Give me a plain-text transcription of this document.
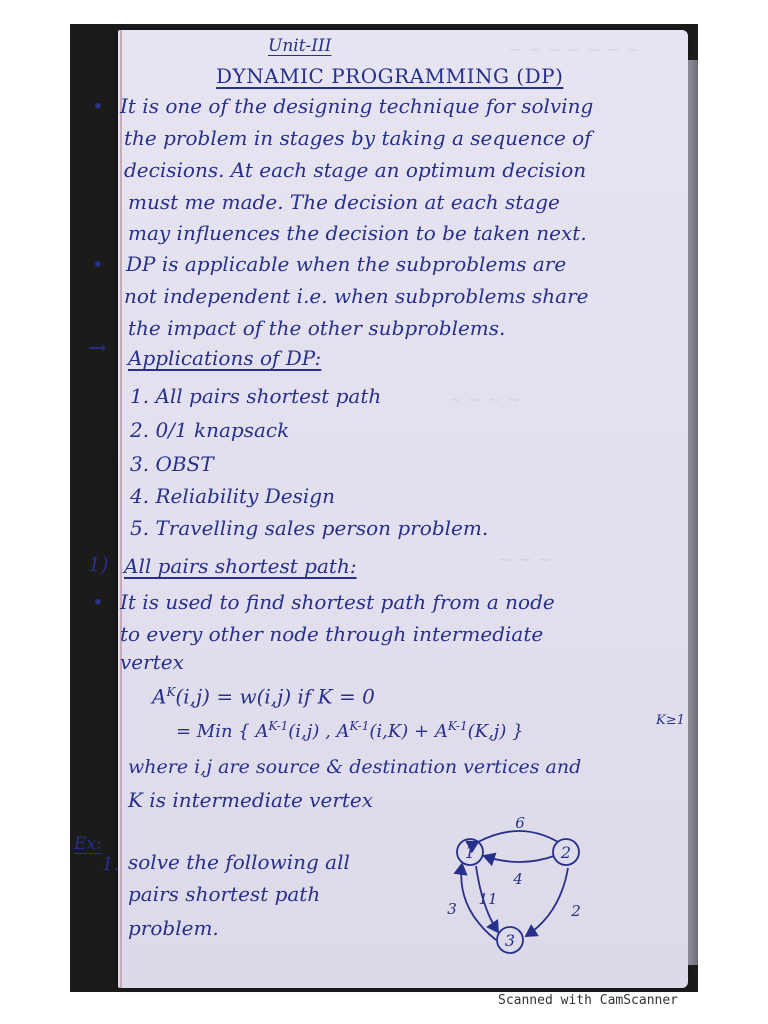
~ ~ ~ ~ ~ ~ ~
~ ~ ~ ~
~ ~ ~
Unit-III
DYNAMIC PROGRAMMING (DP)
• It is one of the designing technique for solving
the problem in stages by taking a sequence of
decisions. At each stage an optimum decision
must me made. The decision at each stage
may influences the decision to be taken next.
• DP is applicable when the subproblems are
not independent i.e. when subproblems share
the impact of the other subproblems.
→ Applications of DP:
1. All pairs shortest path
2. 0/1 knapsack
3. OBST
4. Reliability Design
5. Travelling sales person problem.
1) All pairs shortest path:
• It is used to find shortest path from a node
to every other node through intermediate
vertex
$A^K(i,j) = w(i,j)$ if K = 0
= Min { $A^{K-1}(i,j)$ , $A^{K-1}(i,K) + A^{K-1}(K,j)$ }
K≥1
where i,j are source & destination vertices and
K is intermediate vertex
Ex:
1. solve the following all
pairs shortest path
problem.
1	2
3
6
4
11
3	2
Scanned with CamScanner
